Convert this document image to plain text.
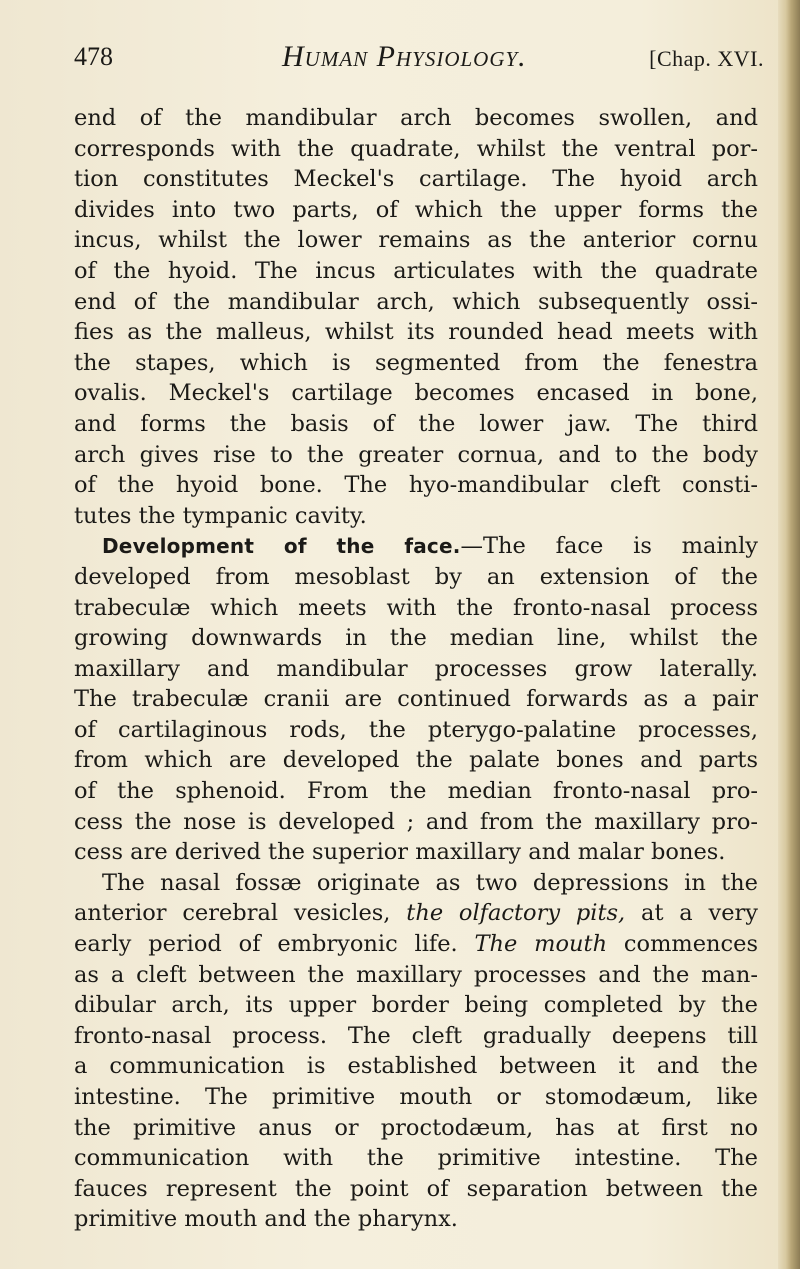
478	Human Physiology.	[Chap. XVI.
end of the mandibular arch becomes swollen, and
corresponds with the quadrate, whilst the ventral por-
tion constitutes Meckel's cartilage. The hyoid arch
divides into two parts, of which the upper forms the
incus, whilst the lower remains as the anterior cornu
of the hyoid. The incus articulates with the quadrate
end of the mandibular arch, which subsequently ossi-
fies as the malleus, whilst its rounded head meets with
the stapes, which is segmented from the fenestra
ovalis. Meckel's cartilage becomes encased in bone,
and forms the basis of the lower jaw. The third
arch gives rise to the greater cornua, and to the body
of the hyoid bone. The hyo-mandibular cleft consti-
tutes the tympanic cavity.
Development of the face.—The face is mainly
developed from mesoblast by an extension of the
trabeculæ which meets with the fronto-nasal process
growing downwards in the median line, whilst the
maxillary and mandibular processes grow laterally.
The trabeculæ cranii are continued forwards as a pair
of cartilaginous rods, the pterygo-palatine processes,
from which are developed the palate bones and parts
of the sphenoid. From the median fronto-nasal pro-
cess the nose is developed ; and from the maxillary pro-
cess are derived the superior maxillary and malar bones.
The nasal fossæ originate as two depressions in the
anterior cerebral vesicles, the olfactory pits, at a very
early period of embryonic life. The mouth commences
as a cleft between the maxillary processes and the man-
dibular arch, its upper border being completed by the
fronto-nasal process. The cleft gradually deepens till
a communication is established between it and the
intestine. The primitive mouth or stomodæum, like
the primitive anus or proctodæum, has at first no
communication with the primitive intestine. The
fauces represent the point of separation between the
primitive mouth and the pharynx.
